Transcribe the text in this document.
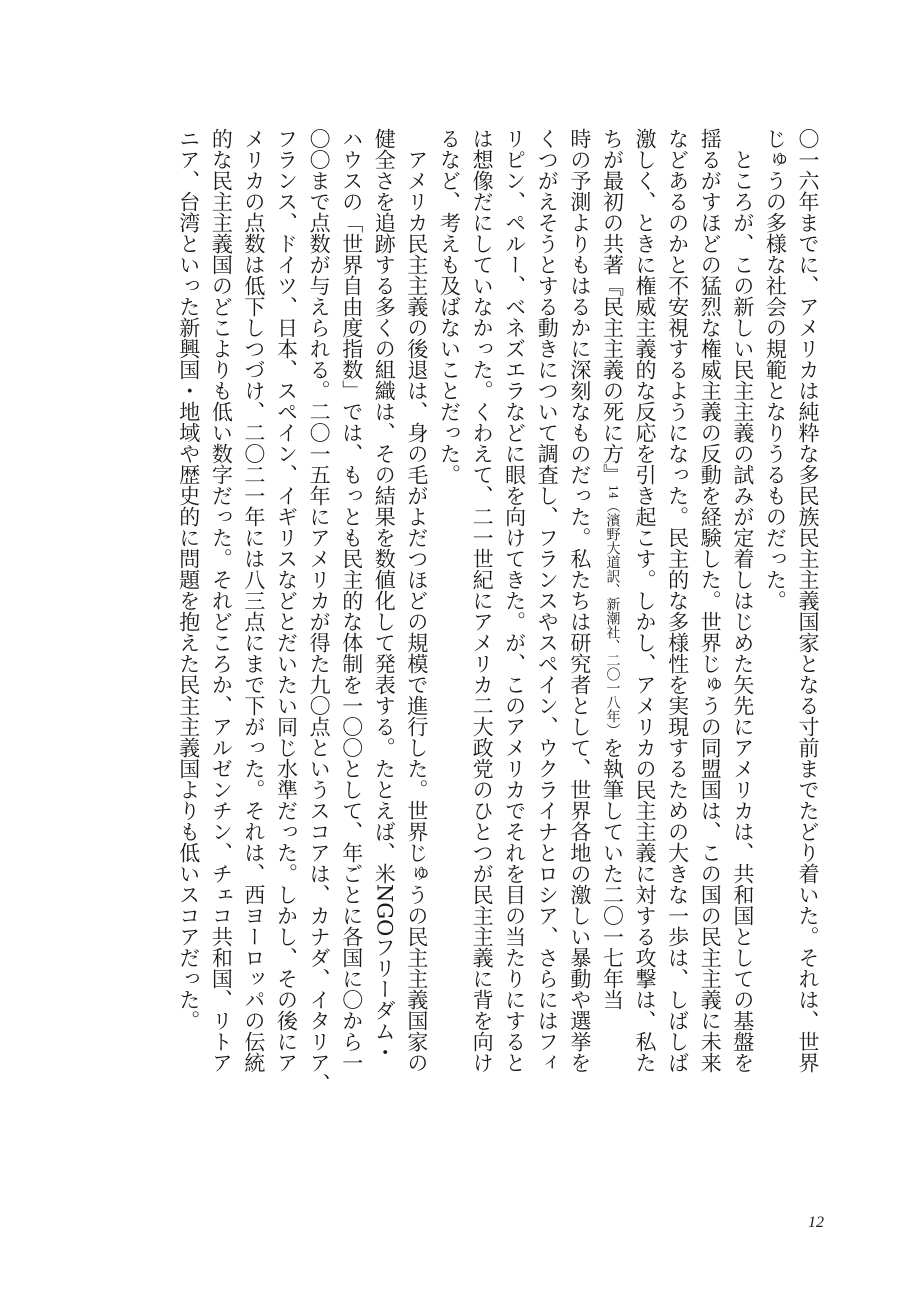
〇一六年までに、アメリカは純粋な多民族民主主義国家となる寸前までたどり着いた。それは、世界
じゅうの多様な社会の規範となりうるものだった。
　ところが、この新しい民主主義の試みが定着しはじめた矢先にアメリカは、共和国としての基盤を
揺るがすほどの猛烈な権威主義の反動を経験した。世界じゅうの同盟国は、この国の民主主義に未来
などあるのかと不安視するようになった。民主的な多様性を実現するための大きな一歩は、しばしば
激しく、ときに権威主義的な反応を引き起こす。しかし、アメリカの民主主義に対する攻撃は、私た
ちが最初の共著『民主主義の死に方』14（濱野大道訳、新潮社、二〇一八年）を執筆していた二〇一七年当
時の予測よりもはるかに深刻なものだった。私たちは研究者として、世界各地の激しい暴動や選挙を
くつがえそうとする動きについて調査し、フランスやスペイン、ウクライナとロシア、さらにはフィ
リピン、ペルー、ベネズエラなどに眼を向けてきた。が、このアメリカでそれを目の当たりにすると
は想像だにしていなかった。くわえて、二一世紀にアメリカ二大政党のひとつが民主主義に背を向け
るなど、考えも及ばないことだった。
　アメリカ民主主義の後退は、身の毛がよだつほどの規模で進行した。世界じゅうの民主主義国家の
健全さを追跡する多くの組織は、その結果を数値化して発表する。たとえば、米NGOフリーダム・
ハウスの「世界自由度指数」では、もっとも民主的な体制を一〇〇として、年ごとに各国に〇から一
〇〇まで点数が与えられる。二〇一五年にアメリカが得た九〇点というスコアは、カナダ、イタリア、
フランス、ドイツ、日本、スペイン、イギリスなどとだいたい同じ水準だった。しかし、その後にア
メリカの点数は低下しつづけ、二〇二一年には八三点にまで下がった。それは、西ヨーロッパの伝統
的な民主主義国のどこよりも低い数字だった。それどころか、アルゼンチン、チェコ共和国、リトア
ニア、台湾といった新興国・地域や歴史的に問題を抱えた民主主義国よりも低いスコアだった。
12
